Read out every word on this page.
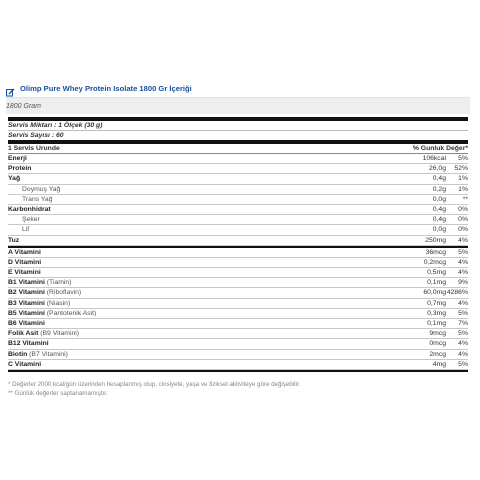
Olimp Pure Whey Protein Isolate 1800 Gr İçeriği
1800 Gram
Servis Miktarı : 1 Ölçek (30 g)
Servis Sayısı : 60
1 Servis Urunde	% Gunluk Değer*
Enerji	106kcal	5%
Protein	26,0g	52%
Yağ	0,4g	1%
Doymuş Yağ	0,2g	1%
Trans Yağ	0,0g	**
Karbonhidrat	0,4g	0%
Şeker	0,4g	0%
Lif	0,0g	0%
Tuz	250mg	4%
A Vitamini	36mcg	5%
D Vitamini	0,2mcg	4%
E Vitamini	0,5mg	4%
B1 Vitamini (Tiamin)	0,1mg	9%
B2 Vitamini (Riboflavin)	60,0mg 4286%
B3 Vitamini (Niasin)	0,7mg	4%
B5 Vitamini (Pantotenik Asit)	0,3mg	5%
B6 Vitamini	0,1mg	7%
Folik Asit (B9 Vitamini)	9mcg	5%
B12 Vitamini	0mcg	4%
Biotin (B7 Vitamini)	2mcg	4%
C Vitamini	4mg	5%
* Değerler 2000 kcal/gün üzerinden hesaplanmış olup, cinsiyete, yaşa ve fiziksel aktiviteye göre değişebilir.
** Günlük değerler saptanamamıştır.
